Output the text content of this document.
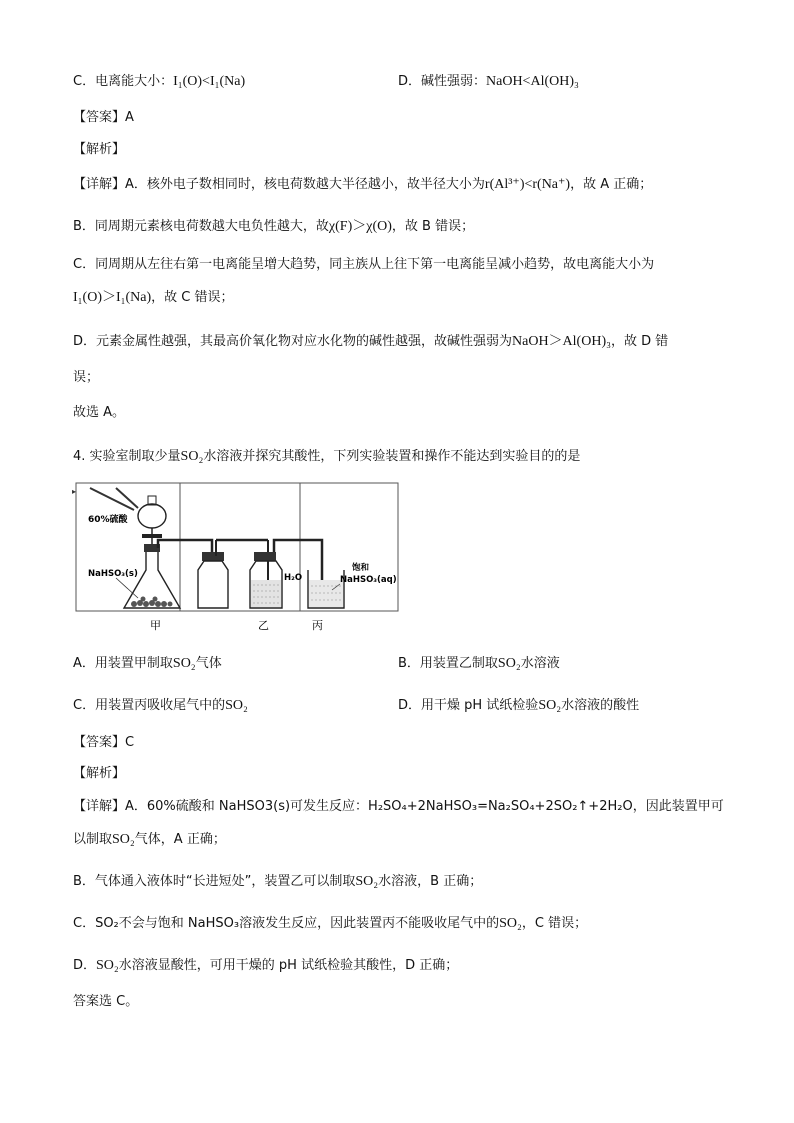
C．电离能大小：I₁(O)<I₁(Na)	D．碱性强弱：NaOH<Al(OH)₃
【答案】A
【解析】
【详解】A．核外电子数相同时，核电荷数越大半径越小，故半径大小为r(Al³⁺)<r(Na⁺)，故 A 正确；
B．同周期元素核电荷数越大电负性越大，故χ(F)＞χ(O)，故 B 错误；
C．同周期从左往右第一电离能呈增大趋势，同主族从上往下第一电离能呈减小趋势，故电离能大小为
I₁(O)＞I₁(Na)，故 C 错误；
D．元素金属性越强，其最高价氧化物对应水化物的碱性越强，故碱性强弱为NaOH＞Al(OH)₃，故 D 错
误；
故选 A。
4. 实验室制取少量SO₂水溶液并探究其酸性，下列实验装置和操作不能达到实验目的的是
60%硫酸
NaHSO₃(s)	H₂O
饱和
NaHSO₃(aq)
甲	乙	丙
▸
A．用装置甲制取SO₂气体	B．用装置乙制取SO₂水溶液
C．用装置丙吸收尾气中的SO₂	D．用干燥 pH 试纸检验SO₂水溶液的酸性
【答案】C
【解析】
【详解】A．60%硫酸和 NaHSO3(s)可发生反应：H₂SO₄+2NaHSO₃=Na₂SO₄+2SO₂↑+2H₂O，因此装置甲可
以制取SO₂气体，A 正确；
B．气体通入液体时“长进短处”，装置乙可以制取SO₂水溶液，B 正确；
C．SO₂不会与饱和 NaHSO₃溶液发生反应，因此装置丙不能吸收尾气中的SO₂，C 错误；
D．SO₂水溶液显酸性，可用干燥的 pH 试纸检验其酸性，D 正确；
答案选 C。
